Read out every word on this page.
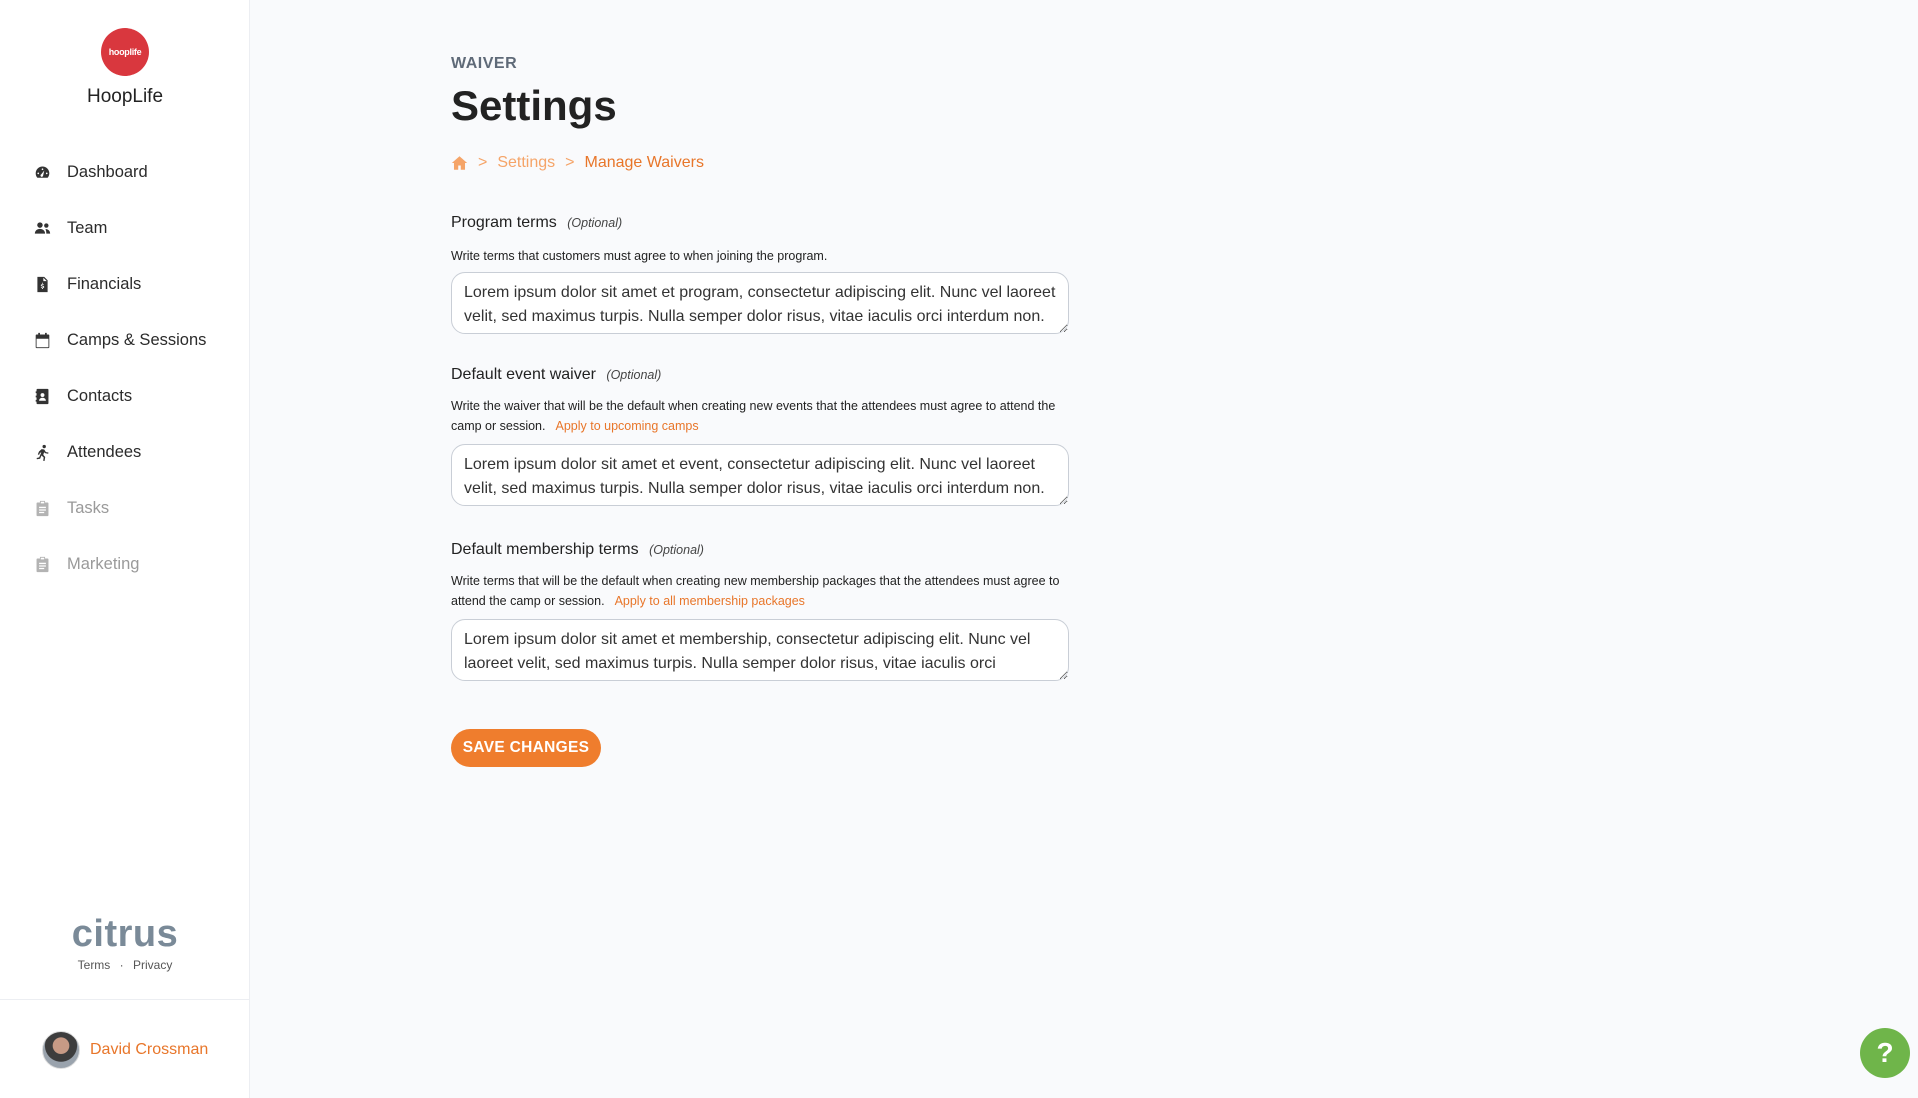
hooplife
HoopLife
Dashboard
Team
Financials
Camps & Sessions
Contacts
Attendees
Tasks
Marketing
citrus
Terms · Privacy
David Crossman
WAIVER
Settings
> Settings > Manage Waivers
Program terms (Optional)
Write terms that customers must agree to when joining the program.
Lorem ipsum dolor sit amet et program, consectetur adipiscing elit. Nunc vel laoreet velit, sed maximus turpis. Nulla semper dolor risus, vitae iaculis orci interdum non.
Default event waiver (Optional)
Write the waiver that will be the default when creating new events that the attendees must agree to attend the camp or session. Apply to upcoming camps
Lorem ipsum dolor sit amet et event, consectetur adipiscing elit. Nunc vel laoreet velit, sed maximus turpis. Nulla semper dolor risus, vitae iaculis orci interdum non.
Default membership terms (Optional)
Write terms that will be the default when creating new membership packages that the attendees must agree to attend the camp or session. Apply to all membership packages
Lorem ipsum dolor sit amet et membership, consectetur adipiscing elit. Nunc vel laoreet velit, sed maximus turpis. Nulla semper dolor risus, vitae iaculis orci interdum non.
SAVE CHANGES
?
